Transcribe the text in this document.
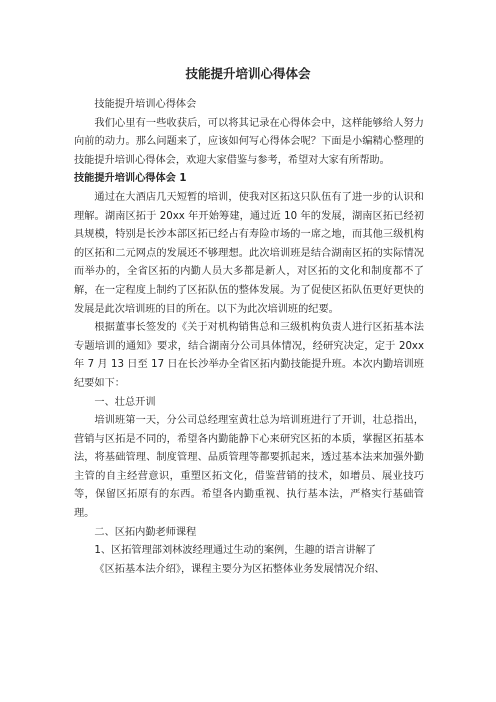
技能提升培训心得体会

技能提升培训心得体会

我们心里有一些收获后，可以将其记录在心得体会中，这样能够给人努力向前的动力。那么问题来了，应该如何写心得体会呢？下面是小编精心整理的技能提升培训心得体会，欢迎大家借鉴与参考，希望对大家有所帮助。

技能提升培训心得体会 1

通过在大酒店几天短暂的培训，使我对区拓这只队伍有了进一步的认识和理解。湖南区拓于 20xx 年开始筹建，通过近 10 年的发展，湖南区拓已经初具规模，特别是长沙本部区拓已经占有寿险市场的一席之地，而其他三级机构的区拓和二元网点的发展还不够理想。此次培训班是结合湖南区拓的实际情况而举办的，全省区拓的内勤人员大多都是新人，对区拓的文化和制度都不了解，在一定程度上制约了区拓队伍的整体发展。为了促使区拓队伍更好更快的发展是此次培训班的目的所在。以下为此次培训班的纪要。

根据董事长签发的《关于对机构销售总和三级机构负责人进行区拓基本法专题培训的通知》要求，结合湖南分公司具体情况，经研究决定，定于 20xx 年 7 月 13 日至 17 日在长沙举办全省区拓内勤技能提升班。本次内勤培训班纪要如下：

一、壮总开训

培训班第一天，分公司总经理室黄壮总为培训班进行了开训，壮总指出，营销与区拓是不同的，希望各内勤能静下心来研究区拓的本质，掌握区拓基本法，将基础管理、制度管理、品质管理等都要抓起来，透过基本法来加强外勤主管的自主经营意识，重塑区拓文化，借鉴营销的技术，如增员、展业技巧等，保留区拓原有的东西。希望各内勤重视、执行基本法，严格实行基础管理。

二、区拓内勤老师课程

1、区拓管理部刘林波经理通过生动的案例，生趣的语言讲解了

《区拓基本法介绍》，课程主要分为区拓整体业务发展情况介绍、
